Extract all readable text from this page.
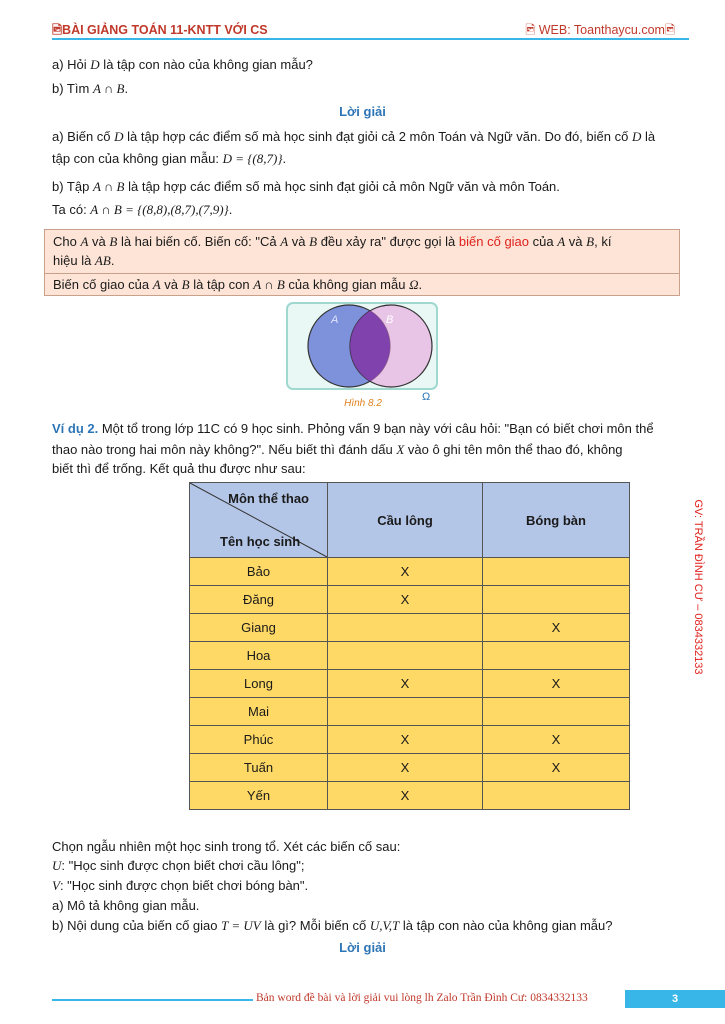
🖻BÀI GIẢNG TOÁN 11-KNTT VỚI CS	🖻 WEB: Toanthaycu.com🖻
a) Hỏi D là tập con nào của không gian mẫu?
b) Tìm A ∩ B.
Lời giải
a) Biến cố D là tập hợp các điểm số mà học sinh đạt giỏi cả 2 môn Toán và Ngữ văn. Do đó, biến cố D là
tập con của không gian mẫu: D = {(8,7)}.
b) Tập A ∩ B là tập hợp các điểm số mà học sinh đạt giỏi cả môn Ngữ văn và môn Toán.
Ta có: A ∩ B = {(8,8),(8,7),(7,9)}.
Cho A và B là hai biến cố. Biến cố: "Cả A và B đều xảy ra" được gọi là biến cố giao của A và B, kí
hiệu là AB.
Biến cố giao của A và B là tập con A ∩ B của không gian mẫu Ω.
A	B
Ω
Hình 8.2
Ví dụ 2. Một tổ trong lớp 11C có 9 học sinh. Phỏng vấn 9 bạn này với câu hỏi: "Bạn có biết chơi môn thể
thao nào trong hai môn này không?". Nếu biết thì đánh dấu X vào ô ghi tên môn thể thao đó, không
biết thì để trống. Kết quả thu được như sau:
Môn thể thao
Tên học sinh	Cầu lông	Bóng bàn
Bảo	X	
Đăng	X	
Giang		X
Hoa		
Long	X	X
Mai		
Phúc	X	X
Tuấn	X	X
Yến	X	
Chọn ngẫu nhiên một học sinh trong tổ. Xét các biến cố sau:
U: "Học sinh được chọn biết chơi cầu lông";
V: "Học sinh được chọn biết chơi bóng bàn".
a) Mô tả không gian mẫu.
b) Nội dung của biến cố giao T = UV là gì? Mỗi biến cố U,V,T là tập con nào của không gian mẫu?
Lời giải
GV: TRẦN ĐÌNH CƯ – 0834332133
Bản word đề bài và lời giải vui lòng lh Zalo Trần Đình Cư: 0834332133	3
